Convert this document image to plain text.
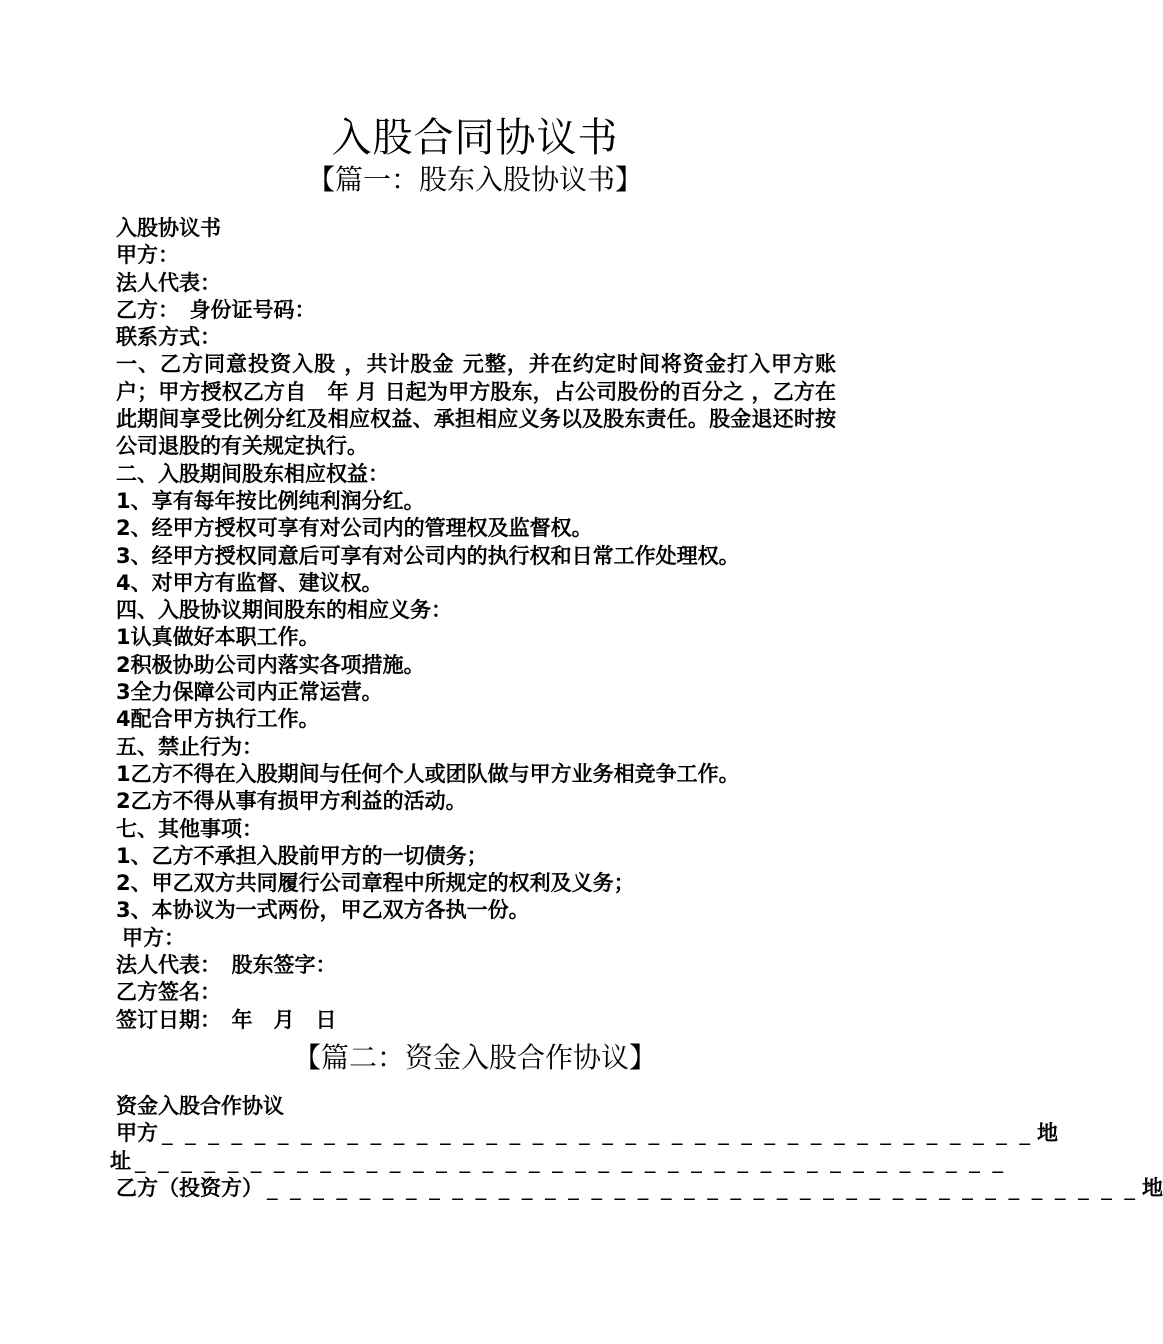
入股合同协议书
【篇一：股东入股协议书】
入股协议书
甲方：
法人代表：
乙方：　身份证号码：
联系方式：
一、乙方同意投资入股 ，共计股金 元整，并在约定时间将资金打入甲方账户；甲方授权乙方自　年 月 日起为甲方股东，占公司股份的百分之 ，乙方在此期间享受比例分红及相应权益、承担相应义务以及股东责任。股金退还时按公司退股的有关规定执行。
二、入股期间股东相应权益：
1、享有每年按比例纯利润分红。
2、经甲方授权可享有对公司内的管理权及监督权。
3、经甲方授权同意后可享有对公司内的执行权和日常工作处理权。
4、对甲方有监督、建议权。
四、入股协议期间股东的相应义务：
1认真做好本职工作。
2积极协助公司内落实各项措施。
3全力保障公司内正常运营。
4配合甲方执行工作。
五、禁止行为：
1乙方不得在入股期间与任何个人或团队做与甲方业务相竞争工作。
2乙方不得从事有损甲方利益的活动。
七、其他事项：
1、乙方不承担入股前甲方的一切债务；
2、甲乙双方共同履行公司章程中所规定的权利及义务；
3、本协议为一式两份，甲乙双方各执一份。
甲方：
法人代表：　股东签字：
乙方签名：
签订日期：　年　月　日
【篇二：资金入股合作协议】
资金入股合作协议
甲方 _ _ _ _ _ _ _ _ _ _ _ _ _ _ _ _ _ _ _ _ _ _ _ _ _ _ _ _ _ _ _ _ _ _ _ _ _ _ 地
址 _ _ _ _ _ _ _ _ _ _ _ _ _ _ _ _ _ _ _ _ _ _ _ _ _ _ _ _ _ _ _ _ _ _ _ _ _ _
乙方（投资方） _ _ _ _ _ _ _ _ _ _ _ _ _ _ _ _ _ _ _ _ _ _ _ _ _ _ _ _ _ _ _ _ _ _ _ _ _ _ 地
